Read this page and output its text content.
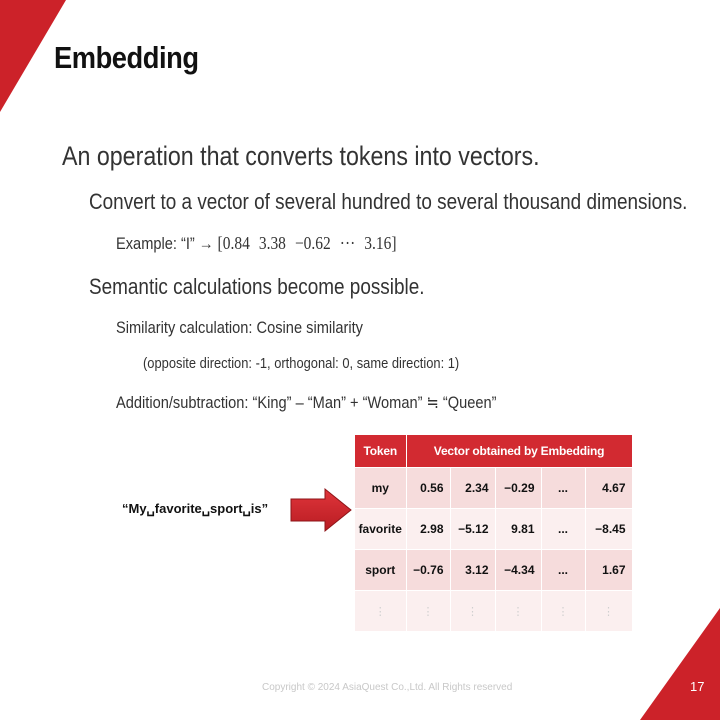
Embedding
An operation that converts tokens into vectors.
Convert to a vector of several hundred to several thousand dimensions.
Example: “I” → [0.84 3.38 −0.62 ··· 3.16]
Semantic calculations become possible.
Similarity calculation: Cosine similarity
(opposite direction: -1, orthogonal: 0, same direction: 1)
Addition/subtraction: “King” – “Man” + “Woman” ≒ “Queen”
“My␣favorite␣sport␣is”
Token	Vector obtained by Embedding				
my	0.56	2.34	−0.29	...	4.67
favorite	2.98	−5.12	9.81	...	−8.45
sport	−0.76	3.12	−4.34	...	1.67
⋮	⋮	⋮	⋮	⋮	⋮
Copyright © 2024 AsiaQuest Co.,Ltd. All Rights reserved	17
